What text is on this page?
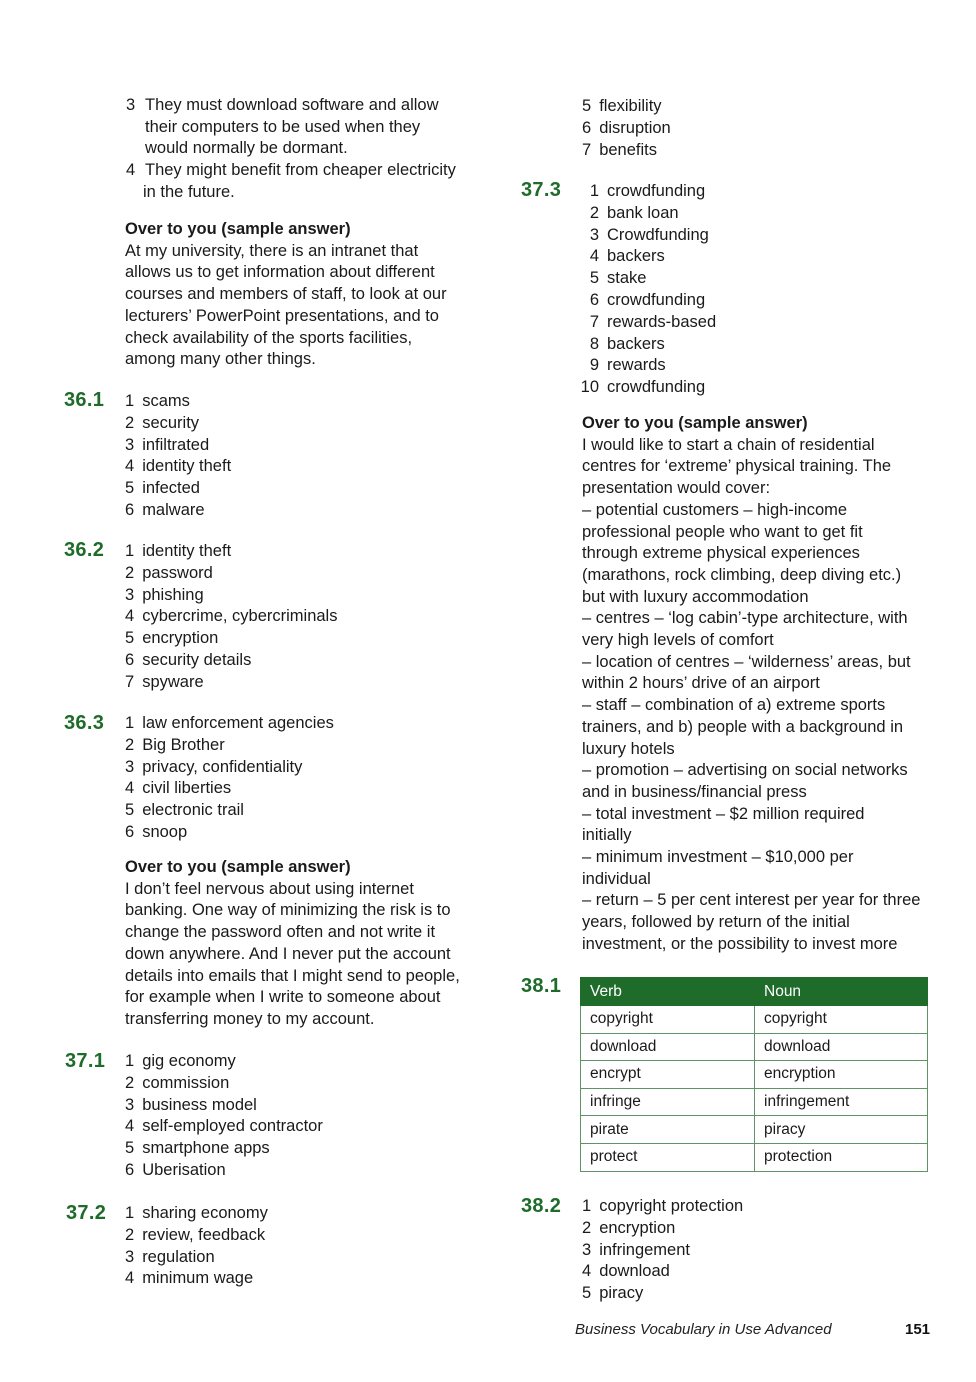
3 They must download software and allow
their computers to be used when they
would normally be dormant.
4 They might benefit from cheaper electricity
in the future.
Over to you (sample answer)
At my university, there is an intranet that
allows us to get information about different
courses and members of staff, to look at our
lecturers’ PowerPoint presentations, and to
check availability of the sports facilities,
among many other things.
36.1 1 scams
2 security
3 infiltrated
4 identity theft
5 infected
6 malware
36.2 1 identity theft
2 password
3 phishing
4 cybercrime, cybercriminals
5 encryption
6 security details
7 spyware
36.3 1 law enforcement agencies
2 Big Brother
3 privacy, confidentiality
4 civil liberties
5 electronic trail
6 snoop
Over to you (sample answer)
I don’t feel nervous about using internet
banking. One way of minimizing the risk is to
change the password often and not write it
down anywhere. And I never put the account
details into emails that I might send to people,
for example when I write to someone about
transferring money to my account.
37.1 1 gig economy
2 commission
3 business model
4 self-employed contractor
5 smartphone apps
6 Uberisation
37.2 1 sharing economy
2 review, feedback
3 regulation
4 minimum wage
5 flexibility
6 disruption
7 benefits
37.3	1 crowdfunding
2 bank loan
3 Crowdfunding
4 backers
5 stake
6 crowdfunding
7 rewards-based
8 backers
9 rewards
10 crowdfunding
Over to you (sample answer)
I would like to start a chain of residential
centres for ‘extreme’ physical training. The
presentation would cover:
– potential customers – high-income
professional people who want to get fit
through extreme physical experiences
(marathons, rock climbing, deep diving etc.)
but with luxury accommodation
– centres – ‘log cabin’-type architecture, with
very high levels of comfort
– location of centres – ‘wilderness’ areas, but
within 2 hours’ drive of an airport
– staff – combination of a) extreme sports
trainers, and b) people with a background in
luxury hotels
– promotion – advertising on social networks
and in business/financial press
– total investment – $2 million required
initially
– minimum investment – $10,000 per
individual
– return – 5 per cent interest per year for three
years, followed by return of the initial
investment, or the possibility to invest more
38.1 Verb	Noun
copyright	copyright
download	download
encrypt	encryption
infringe	infringement
pirate	piracy
protect	protection
38.2 1 copyright protection
2 encryption
3 infringement
4 download
5 piracy
Business Vocabulary in Use Advanced	151
